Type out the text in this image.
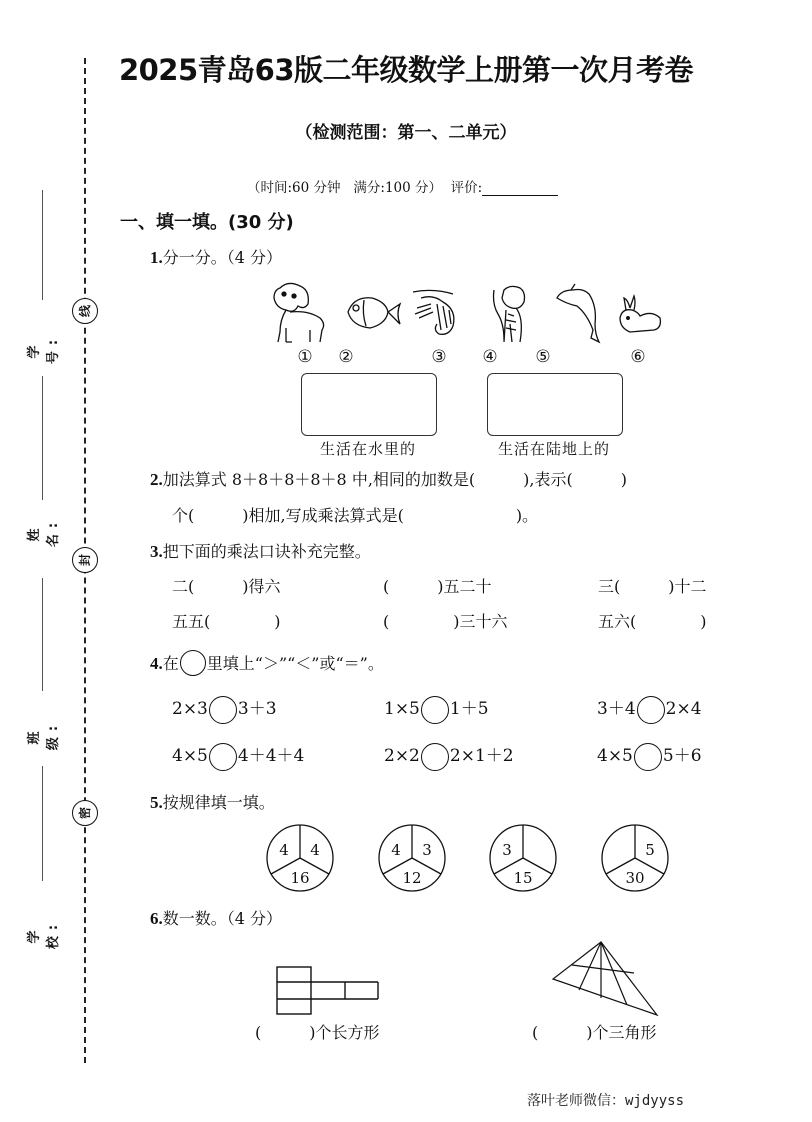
线
封
密
学号:
姓名:
班级:
学校:
2025青岛63版二年级数学上册第一次月考卷
（检测范围：第一、二单元）
（时间:60 分钟 满分:100 分） 评价:
一、填一填。(30 分)
1.分一分。（4 分）
①	②	③	④	⑤	⑥
生活在水里的	生活在陆地上的
2.加法算式 8＋8＋8＋8＋8 中,相同的加数是(　　　),表示(　　　)
个(　　　)相加,写成乘法算式是(　　　　　　　)。
3.把下面的乘法口诀补充完整。
二(　　　)得六	(　　　)五二十	三(　　　)十二
五五(　　　　)	(　　　　)三十六	五六(　　　　)
4.在 里填上“＞”“＜”或“＝”。
2×3 3＋3	1×5 1＋5	3＋4 2×4
4×5 4＋4＋4	2×2 2×1＋2	4×5 5＋6
5.按规律填一填。
4 4
16
4 3
12
3
15
5
30
6.数一数。（4 分）
(　　　)个长方形	(　　　)个三角形
落叶老师微信：wjdyyss
